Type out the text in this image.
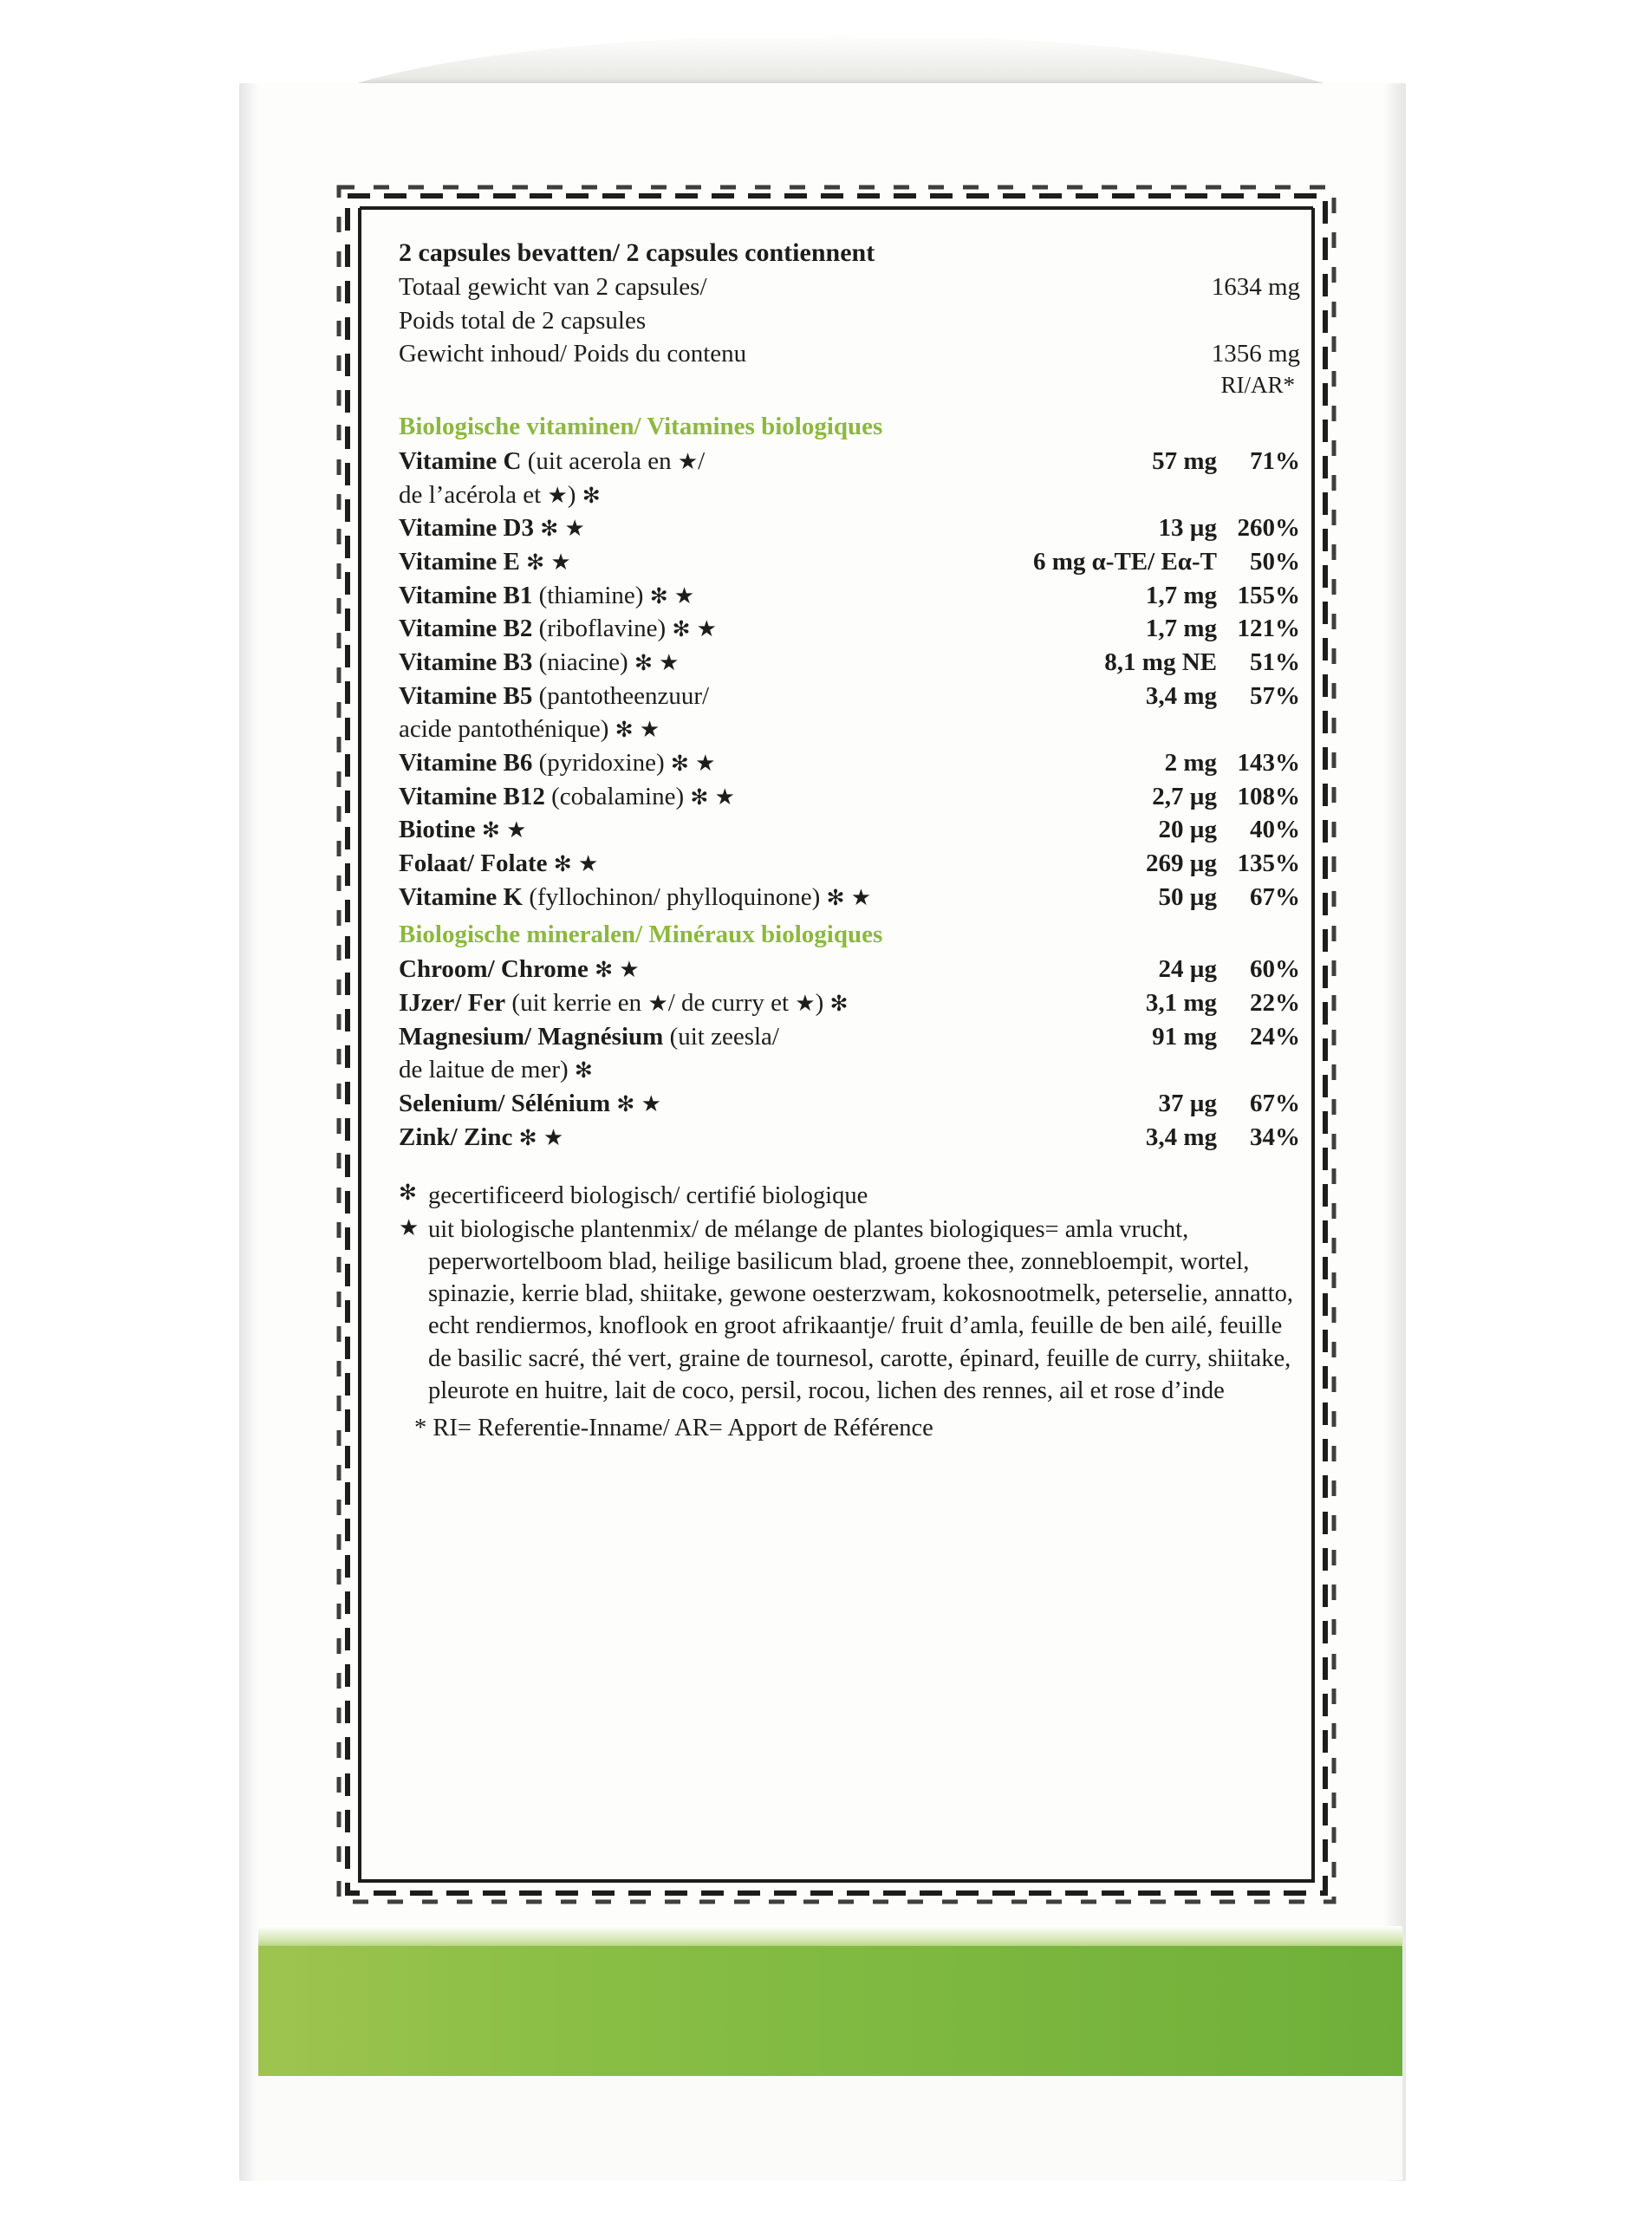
2 capsules bevatten/ 2 capsules contiennent
Totaal gewicht van 2 capsules/	1634 mg
Poids total de 2 capsules
Gewicht inhoud/ Poids du contenu	1356 mg
RI/AR*
Biologische vitaminen/ Vitamines biologiques
Vitamine C (uit acerola en ★/	57 mg	71%
de l’acérola et ★) ✻
Vitamine D3 ✻ ★	13 µg 260%
Vitamine E ✻ ★	6 mg α-TE/ Eα-T	50%
Vitamine B1 (thiamine) ✻ ★	1,7 mg 155%
Vitamine B2 (riboflavine) ✻ ★	1,7 mg 121%
Vitamine B3 (niacine) ✻ ★	8,1 mg NE	51%
Vitamine B5 (pantotheenzuur/	3,4 mg	57%
acide pantothénique) ✻ ★
Vitamine B6 (pyridoxine) ✻ ★	2 mg 143%
Vitamine B12 (cobalamine) ✻ ★	2,7 µg 108%
Biotine ✻ ★	20 µg	40%
Folaat/ Folate ✻ ★	269 µg 135%
Vitamine K (fyllochinon/ phylloquinone) ✻ ★	50 µg	67%
Biologische mineralen/ Minéraux biologiques
Chroom/ Chrome ✻ ★	24 µg	60%
IJzer/ Fer (uit kerrie en ★/ de curry et ★) ✻	3,1 mg	22%
Magnesium/ Magnésium (uit zeesla/	91 mg	24%
de laitue de mer) ✻
Selenium/ Sélénium ✻ ★	37 µg	67%
Zink/ Zinc ✻ ★	3,4 mg	34%
✻ gecertificeerd biologisch/ certifié biologique
★ uit biologische plantenmix/ de mélange de plantes biologiques= amla vrucht, peperwortelboom blad, heilige basilicum blad, groene thee, zonnebloempit, wortel, spinazie, kerrie blad, shiitake, gewone oesterzwam, kokosnootmelk, peterselie, annatto, echt rendiermos, knoflook en groot afrikaantje/ fruit d’amla, feuille de ben ailé, feuille de basilic sacré, thé vert, graine de tournesol, carotte, épinard, feuille de curry, shiitake, pleurote en huitre, lait de coco, persil, rocou, lichen des rennes, ail et rose d’inde
* RI= Referentie-Inname/ AR= Apport de Référence
